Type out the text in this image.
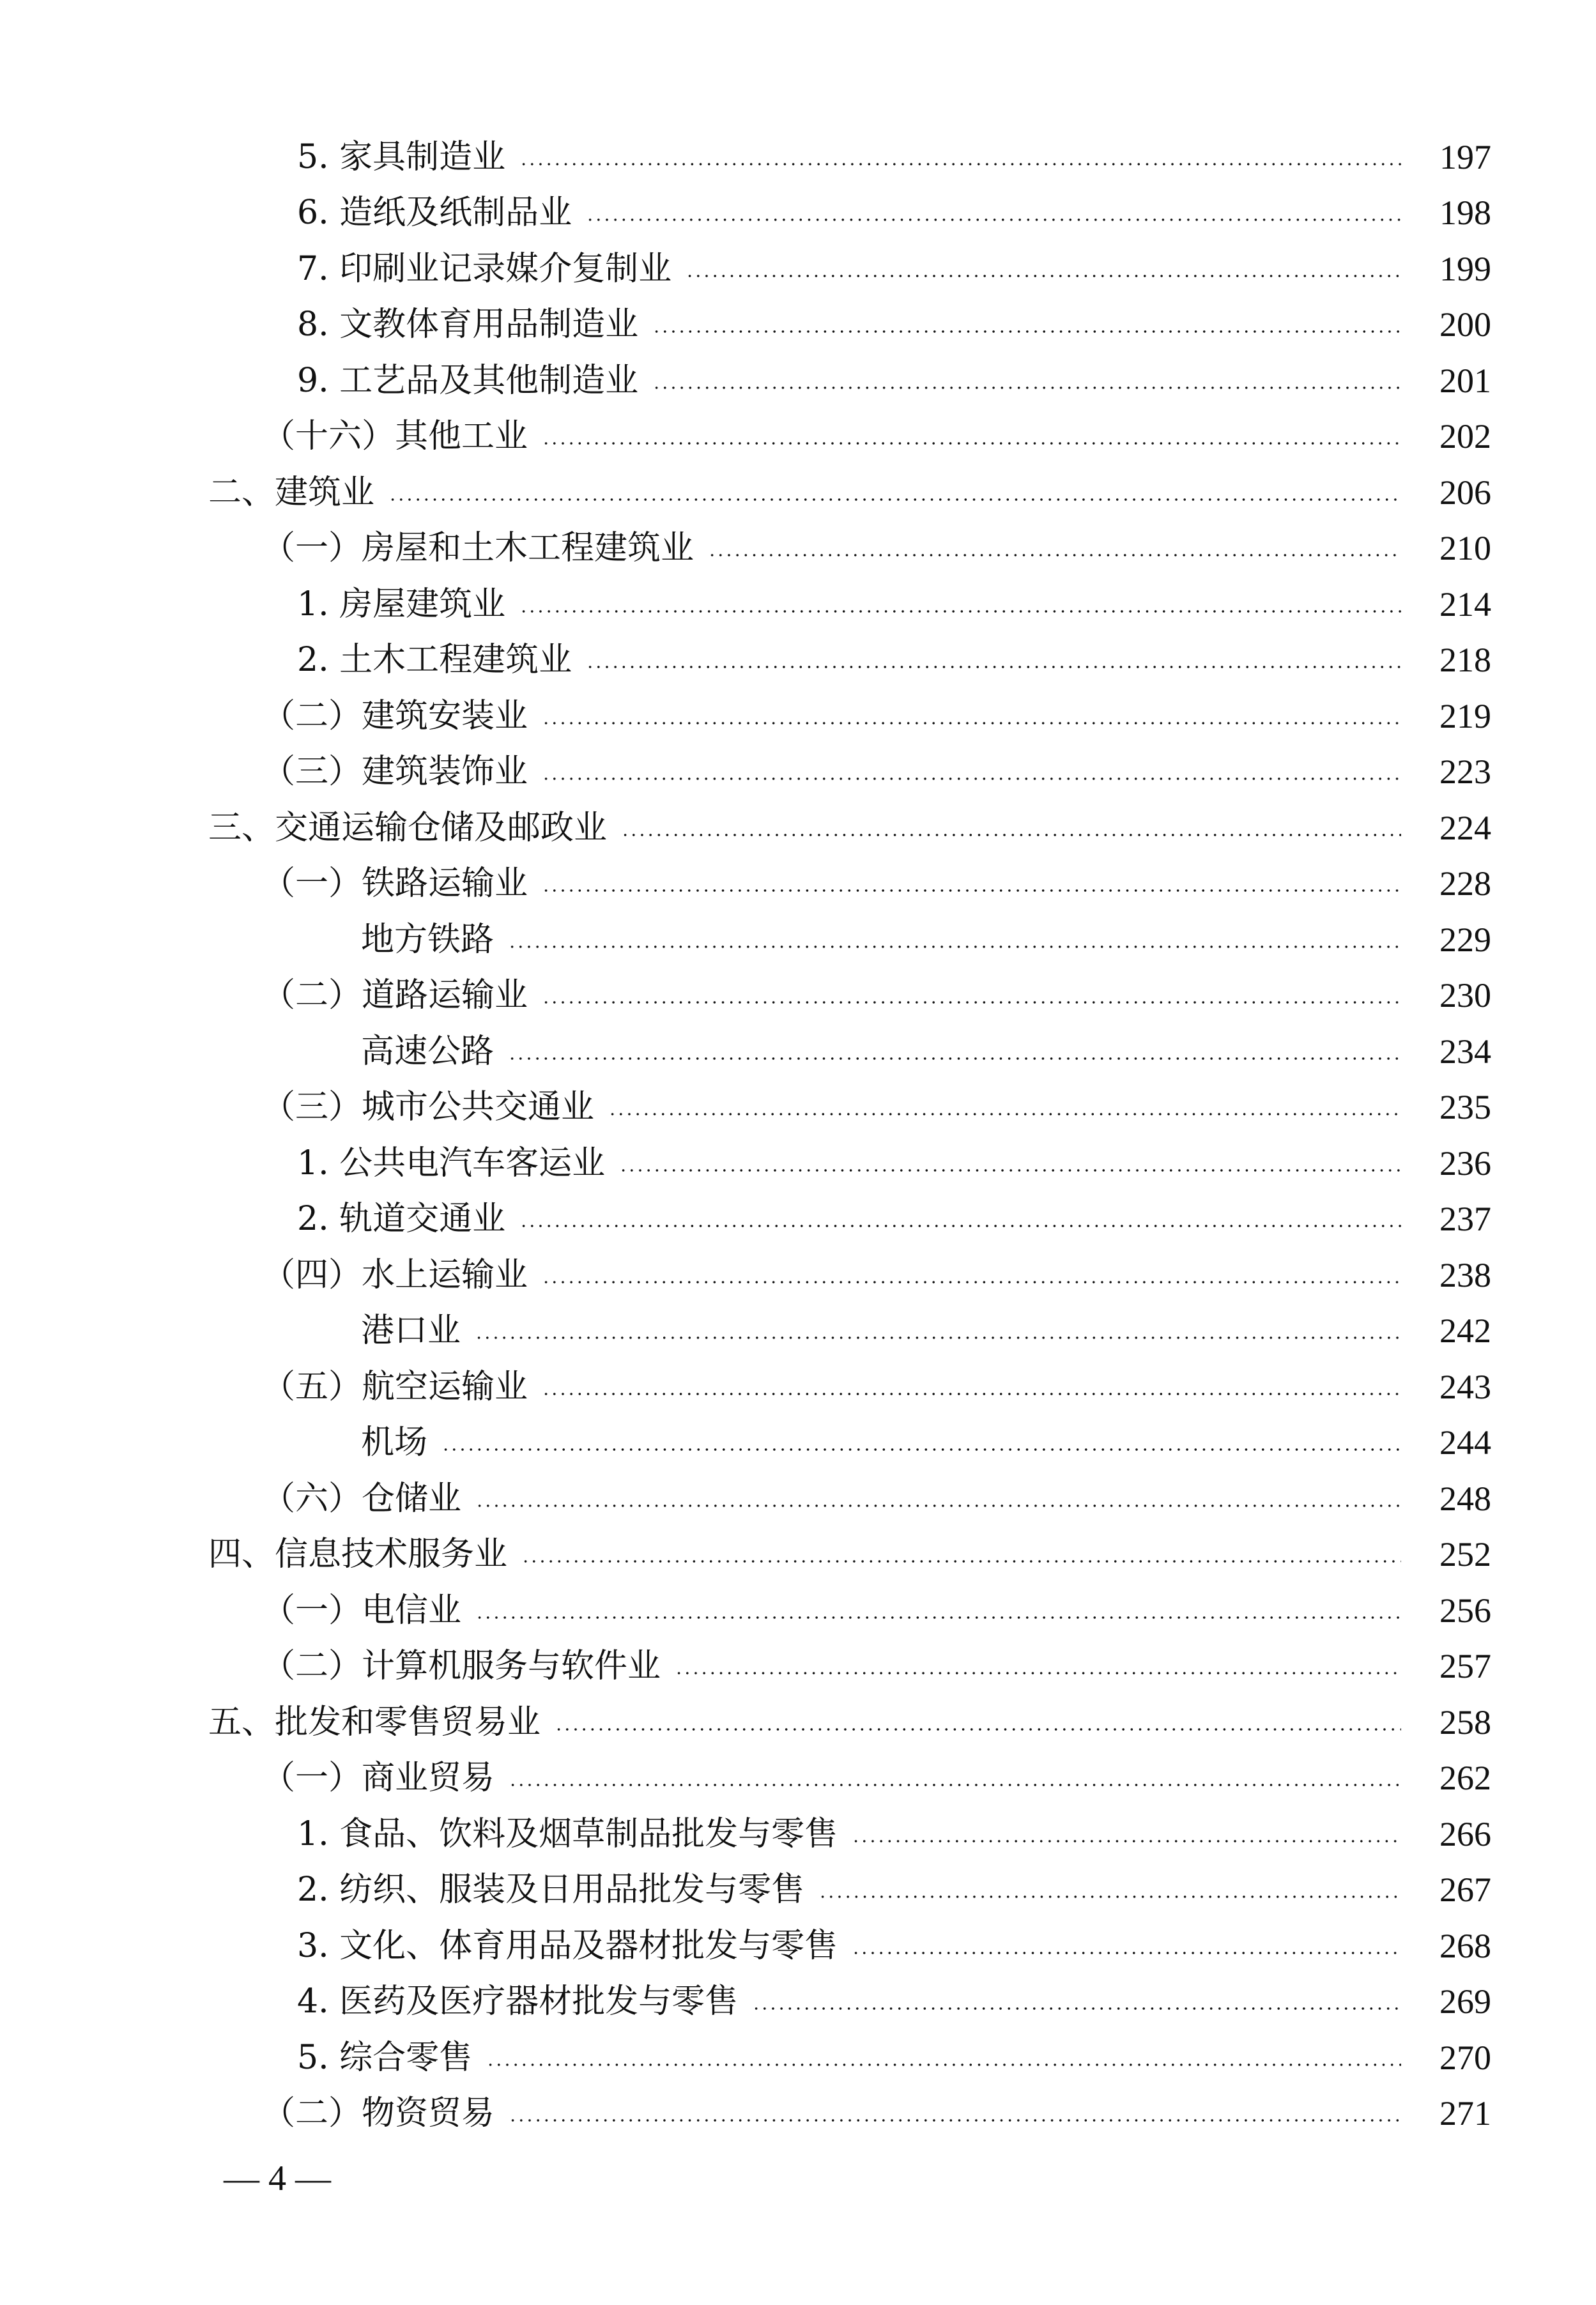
5. 家具制造业	197
6. 造纸及纸制品业	198
7. 印刷业记录媒介复制业	199
8. 文教体育用品制造业	200
9. 工艺品及其他制造业	201
（十六）其他工业	202
二、建筑业	206
（一）房屋和土木工程建筑业	210
1. 房屋建筑业	214
2. 土木工程建筑业	218
（二）建筑安装业	219
（三）建筑装饰业	223
三、交通运输仓储及邮政业	224
（一）铁路运输业	228
地方铁路	229
（二）道路运输业	230
高速公路	234
（三）城市公共交通业	235
1. 公共电汽车客运业	236
2. 轨道交通业	237
（四）水上运输业	238
港口业	242
（五）航空运输业	243
机场	244
（六）仓储业	248
四、信息技术服务业	252
（一）电信业	256
（二）计算机服务与软件业	257
五、批发和零售贸易业	258
（一）商业贸易	262
1. 食品、饮料及烟草制品批发与零售	266
2. 纺织、服装及日用品批发与零售	267
3. 文化、体育用品及器材批发与零售	268
4. 医药及医疗器材批发与零售	269
5. 综合零售	270
（二）物资贸易	271
— 4 —
